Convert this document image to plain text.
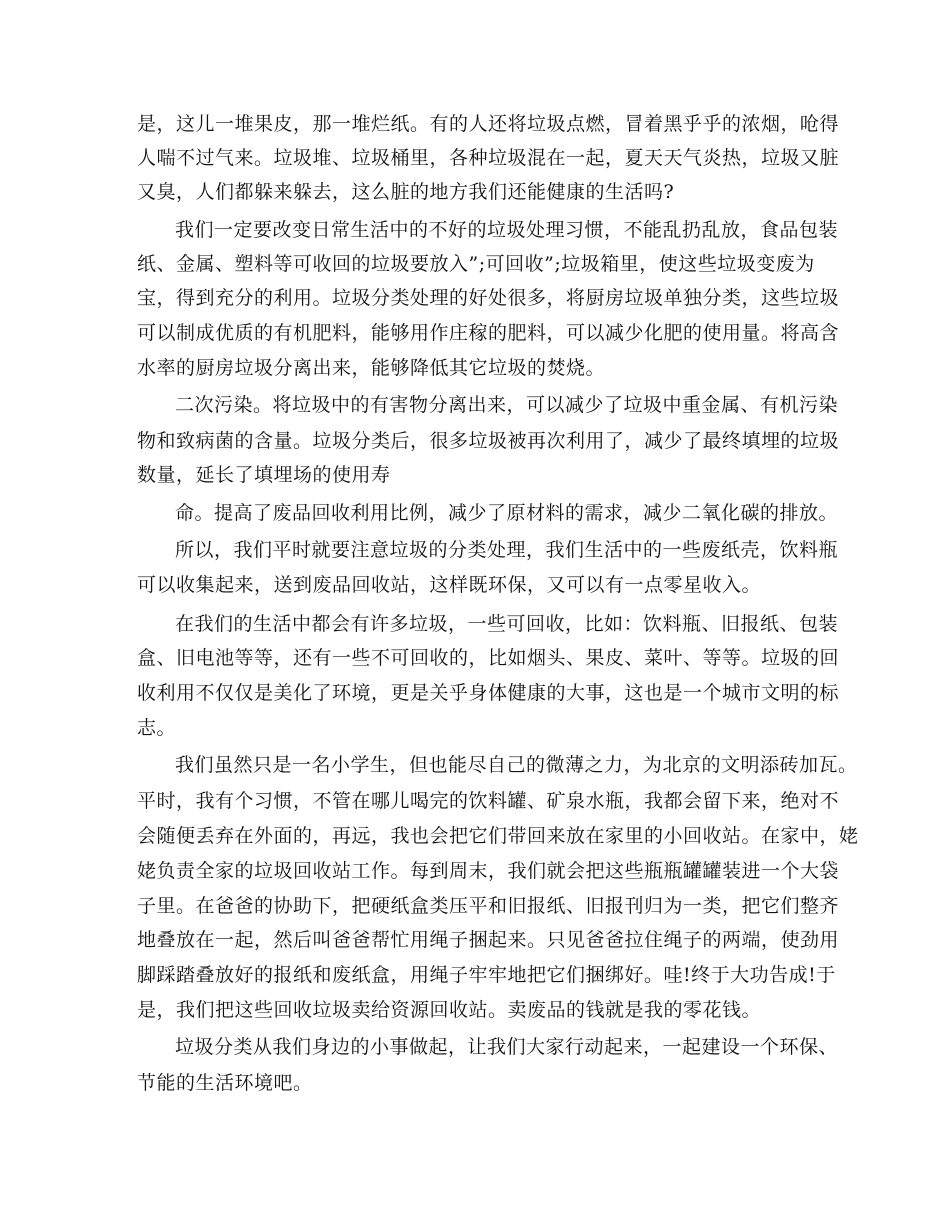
是，这儿一堆果皮，那一堆烂纸。有的人还将垃圾点燃，冒着黑乎乎的浓烟，呛得
人喘不过气来。垃圾堆、垃圾桶里，各种垃圾混在一起，夏天天气炎热，垃圾又脏
又臭，人们都躲来躲去，这么脏的地方我们还能健康的生活吗?
我们一定要改变日常生活中的不好的垃圾处理习惯，不能乱扔乱放，食品包装
纸、金属、塑料等可收回的垃圾要放入”;可回收”;垃圾箱里，使这些垃圾变废为
宝，得到充分的利用。垃圾分类处理的好处很多，将厨房垃圾单独分类，这些垃圾
可以制成优质的有机肥料，能够用作庄稼的肥料，可以减少化肥的使用量。将高含
水率的厨房垃圾分离出来，能够降低其它垃圾的焚烧。
二次污染。将垃圾中的有害物分离出来，可以减少了垃圾中重金属、有机污染
物和致病菌的含量。垃圾分类后，很多垃圾被再次利用了，减少了最终填埋的垃圾
数量，延长了填埋场的使用寿
命。提高了废品回收利用比例，减少了原材料的需求，减少二氧化碳的排放。
所以，我们平时就要注意垃圾的分类处理，我们生活中的一些废纸壳，饮料瓶
可以收集起来，送到废品回收站，这样既环保，又可以有一点零星收入。
在我们的生活中都会有许多垃圾，一些可回收，比如：饮料瓶、旧报纸、包装
盒、旧电池等等，还有一些不可回收的，比如烟头、果皮、菜叶、等等。垃圾的回
收利用不仅仅是美化了环境，更是关乎身体健康的大事，这也是一个城市文明的标
志。
我们虽然只是一名小学生，但也能尽自己的微薄之力，为北京的文明添砖加瓦。
平时，我有个习惯，不管在哪儿喝完的饮料罐、矿泉水瓶，我都会留下来，绝对不
会随便丢弃在外面的，再远，我也会把它们带回来放在家里的小回收站。在家中，姥
姥负责全家的垃圾回收站工作。每到周末，我们就会把这些瓶瓶罐罐装进一个大袋
子里。在爸爸的协助下，把硬纸盒类压平和旧报纸、旧报刊归为一类，把它们整齐
地叠放在一起，然后叫爸爸帮忙用绳子捆起来。只见爸爸拉住绳子的两端，使劲用
脚踩踏叠放好的报纸和废纸盒，用绳子牢牢地把它们捆绑好。哇!终于大功告成!于
是，我们把这些回收垃圾卖给资源回收站。卖废品的钱就是我的零花钱。
垃圾分类从我们身边的小事做起，让我们大家行动起来，一起建设一个环保、
节能的生活环境吧。
